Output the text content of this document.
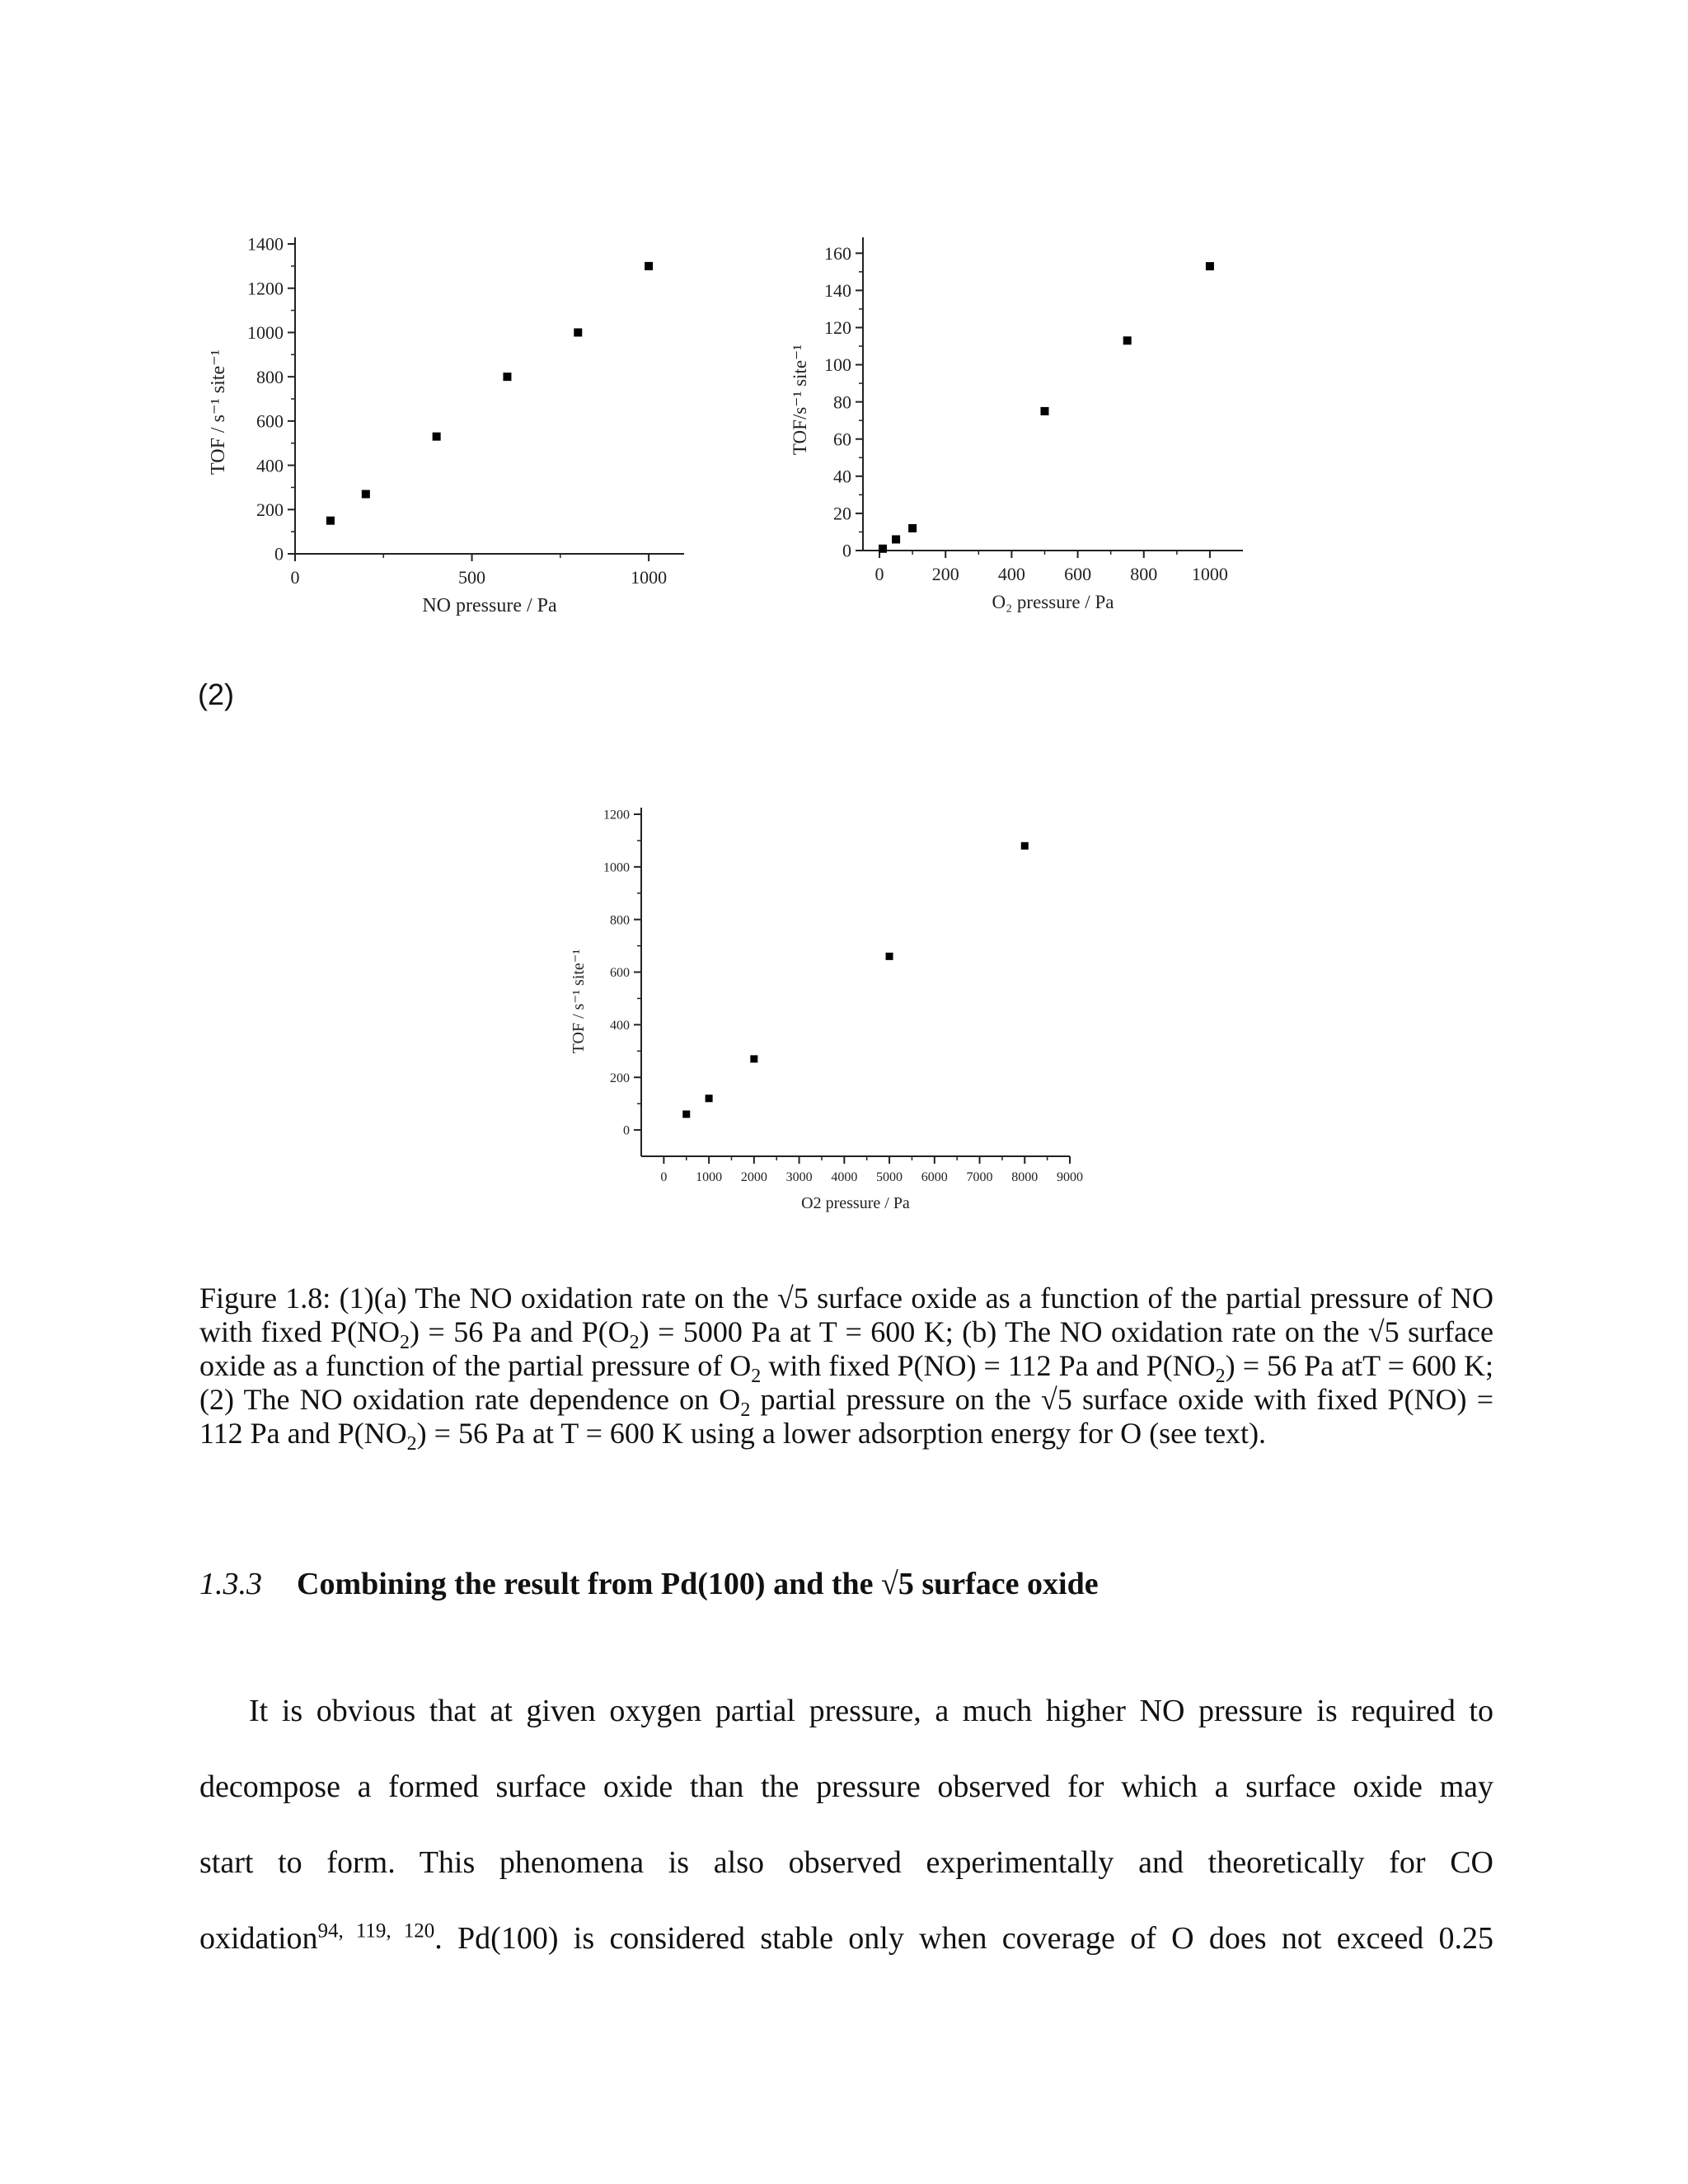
0
200
400
600
800
1000
1200
1400
0	500	1000
NO pressure / Pa
TOF / s⁻¹ site⁻¹
0
20
40
60
80
100
120
140
160
0	200 400 600 800 1000
O₂ pressure / Pa
TOF/s⁻¹ site⁻¹
0
200
400
600
800
1000
1200
0 1000 2000 3000 4000 5000 6000 7000 8000 9000
O2 pressure / Pa
TOF / s⁻¹ site⁻¹
(2)
Figure 1.8: (1)(a) The NO oxidation rate on the √5 surface oxide as a function of the partial pressure of NO with fixed $P(NO_2) = 56$ Pa and $P(O_2) = 5000$ Pa at T = 600 K; (b) The NO oxidation rate on the √5 surface oxide as a function of the partial pressure of $O_2$ with fixed P(NO) = 112 Pa and $P(NO_2) = 56$ Pa atT = 600 K; (2) The NO oxidation rate dependence on $O_2$ partial pressure on the √5 surface oxide with fixed P(NO) = 112 Pa and $P(NO_2) = 56$ Pa at T = 600 K using a lower adsorption energy for O (see text).
1.3.3 Combining the result from Pd(100) and the √5 surface oxide
It is obvious that at given oxygen partial pressure, a much higher NO pressure is required to
decompose a formed surface oxide than the pressure observed for which a surface oxide may
start to form. This phenomena is also observed experimentally and theoretically for CO
oxidation$^{94, 119, 120}$. Pd(100) is considered stable only when coverage of O does not exceed 0.25
